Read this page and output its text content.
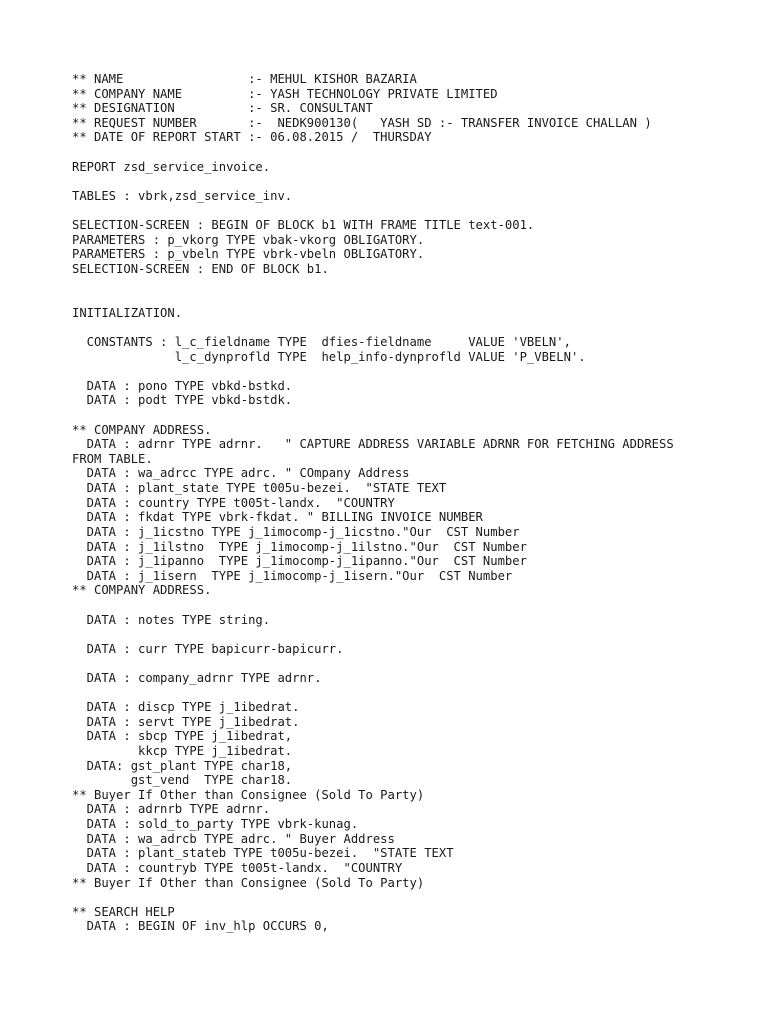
** NAME                 :- MEHUL KISHOR BAZARIA
** COMPANY NAME         :- YASH TECHNOLOGY PRIVATE LIMITED
** DESIGNATION          :- SR. CONSULTANT
** REQUEST NUMBER       :-  NEDK900130(   YASH SD :- TRANSFER INVOICE CHALLAN )
** DATE OF REPORT START :- 06.08.2015 /  THURSDAY
REPORT zsd_service_invoice.
TABLES : vbrk,zsd_service_inv.
SELECTION-SCREEN : BEGIN OF BLOCK b1 WITH FRAME TITLE text-001.
PARAMETERS : p_vkorg TYPE vbak-vkorg OBLIGATORY.
PARAMETERS : p_vbeln TYPE vbrk-vbeln OBLIGATORY.
SELECTION-SCREEN : END OF BLOCK b1.
INITIALIZATION.
CONSTANTS : l_c_fieldname TYPE  dfies-fieldname     VALUE 'VBELN',
l_c_dynprofld TYPE  help_info-dynprofld VALUE 'P_VBELN'.
DATA : pono TYPE vbkd-bstkd.
DATA : podt TYPE vbkd-bstdk.
** COMPANY ADDRESS.
DATA : adrnr TYPE adrnr.   " CAPTURE ADDRESS VARIABLE ADRNR FOR FETCHING ADDRESS
FROM TABLE.
DATA : wa_adrcc TYPE adrc. " COmpany Address
DATA : plant_state TYPE t005u-bezei.  "STATE TEXT
DATA : country TYPE t005t-landx.  "COUNTRY
DATA : fkdat TYPE vbrk-fkdat. " BILLING INVOICE NUMBER
DATA : j_1icstno TYPE j_1imocomp-j_1icstno."Our  CST Number
DATA : j_1ilstno  TYPE j_1imocomp-j_1ilstno."Our  CST Number
DATA : j_1ipanno  TYPE j_1imocomp-j_1ipanno."Our  CST Number
DATA : j_1isern  TYPE j_1imocomp-j_1isern."Our  CST Number
** COMPANY ADDRESS.
DATA : notes TYPE string.
DATA : curr TYPE bapicurr-bapicurr.
DATA : company_adrnr TYPE adrnr.
DATA : discp TYPE j_1ibedrat.
DATA : servt TYPE j_1ibedrat.
DATA : sbcp TYPE j_1ibedrat,
kkcp TYPE j_1ibedrat.
DATA: gst_plant TYPE char18,
gst_vend  TYPE char18.
** Buyer If Other than Consignee (Sold To Party)
DATA : adrnrb TYPE adrnr.
DATA : sold_to_party TYPE vbrk-kunag.
DATA : wa_adrcb TYPE adrc. " Buyer Address
DATA : plant_stateb TYPE t005u-bezei.  "STATE TEXT
DATA : countryb TYPE t005t-landx.  "COUNTRY
** Buyer If Other than Consignee (Sold To Party)
** SEARCH HELP
DATA : BEGIN OF inv_hlp OCCURS 0,
